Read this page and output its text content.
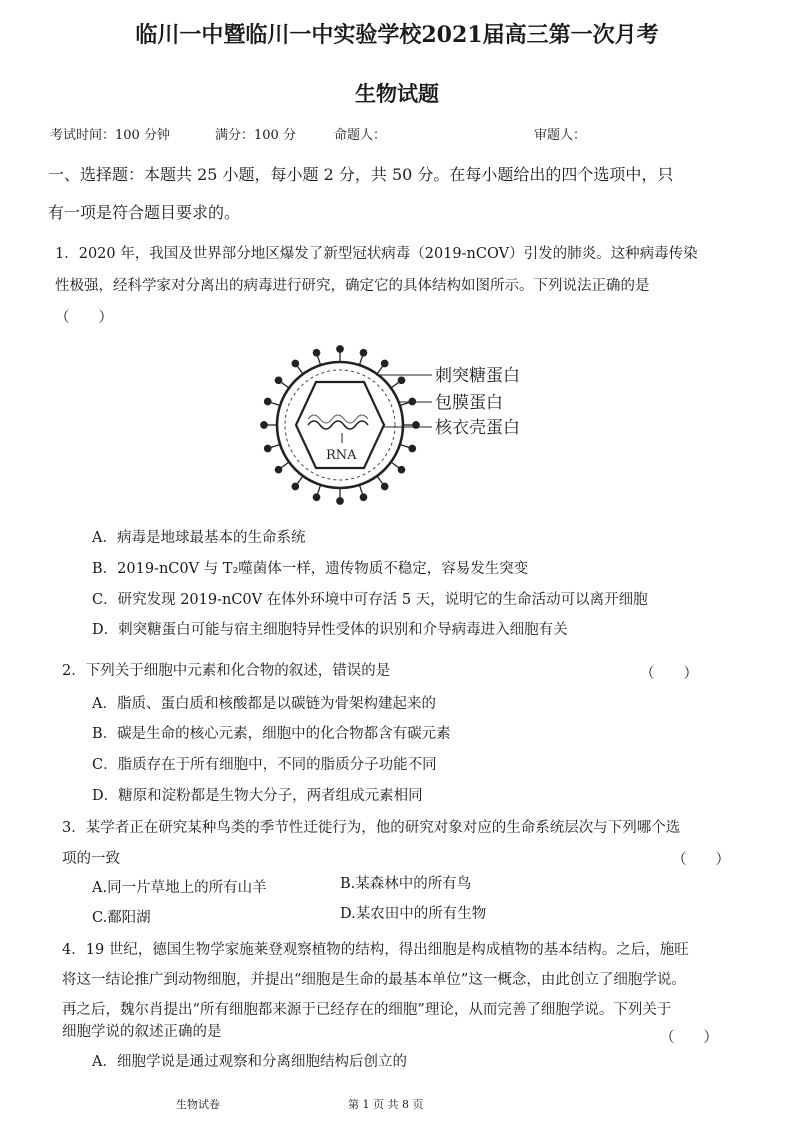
临川一中暨临川一中实验学校2021届高三第一次月考
生物试题
考试时间：100 分钟	满分：100 分	命题人：	审题人：
一、选择题：本题共 25 小题，每小题 2 分，共 50 分。在每小题给出的四个选项中，只
有一项是符合题目要求的。
1．2020 年，我国及世界部分地区爆发了新型冠状病毒（2019-nCOV）引发的肺炎。这种病毒传染
性极强，经科学家对分离出的病毒进行研究，确定它的具体结构如图所示。下列说法正确的是
（　　）
RNA
刺突糖蛋白
包膜蛋白
核衣壳蛋白
A．病毒是地球最基本的生命系统
B．2019-nC0V 与 T₂噬菌体一样，遗传物质不稳定，容易发生突变
C．研究发现 2019-nC0V 在体外环境中可存活 5 天，说明它的生命活动可以离开细胞
D．刺突糖蛋白可能与宿主细胞特异性受体的识别和介导病毒进入细胞有关
2．下列关于细胞中元素和化合物的叙述，错误的是	（　　）
A．脂质、蛋白质和核酸都是以碳链为骨架构建起来的
B．碳是生命的核心元素，细胞中的化合物都含有碳元素
C．脂质存在于所有细胞中，不同的脂质分子功能不同
D．糖原和淀粉都是生物大分子，两者组成元素相同
3．某学者正在研究某种鸟类的季节性迁徙行为，他的研究对象对应的生命系统层次与下列哪个选
项的一致	（　　）
A.同一片草地上的所有山羊	B.某森林中的所有鸟
C.鄱阳湖	D.某农田中的所有生物
4．19 世纪，德国生物学家施莱登观察植物的结构，得出细胞是构成植物的基本结构。之后，施旺
将这一结论推广到动物细胞，并提出“细胞是生命的最基本单位”这一概念，由此创立了细胞学说。
再之后，魏尔肖提出“所有细胞都来源于已经存在的细胞”理论，从而完善了细胞学说。下列关于
细胞学说的叙述正确的是	（　　）
A．细胞学说是通过观察和分离细胞结构后创立的
生物试卷	第 1 页 共 8 页
